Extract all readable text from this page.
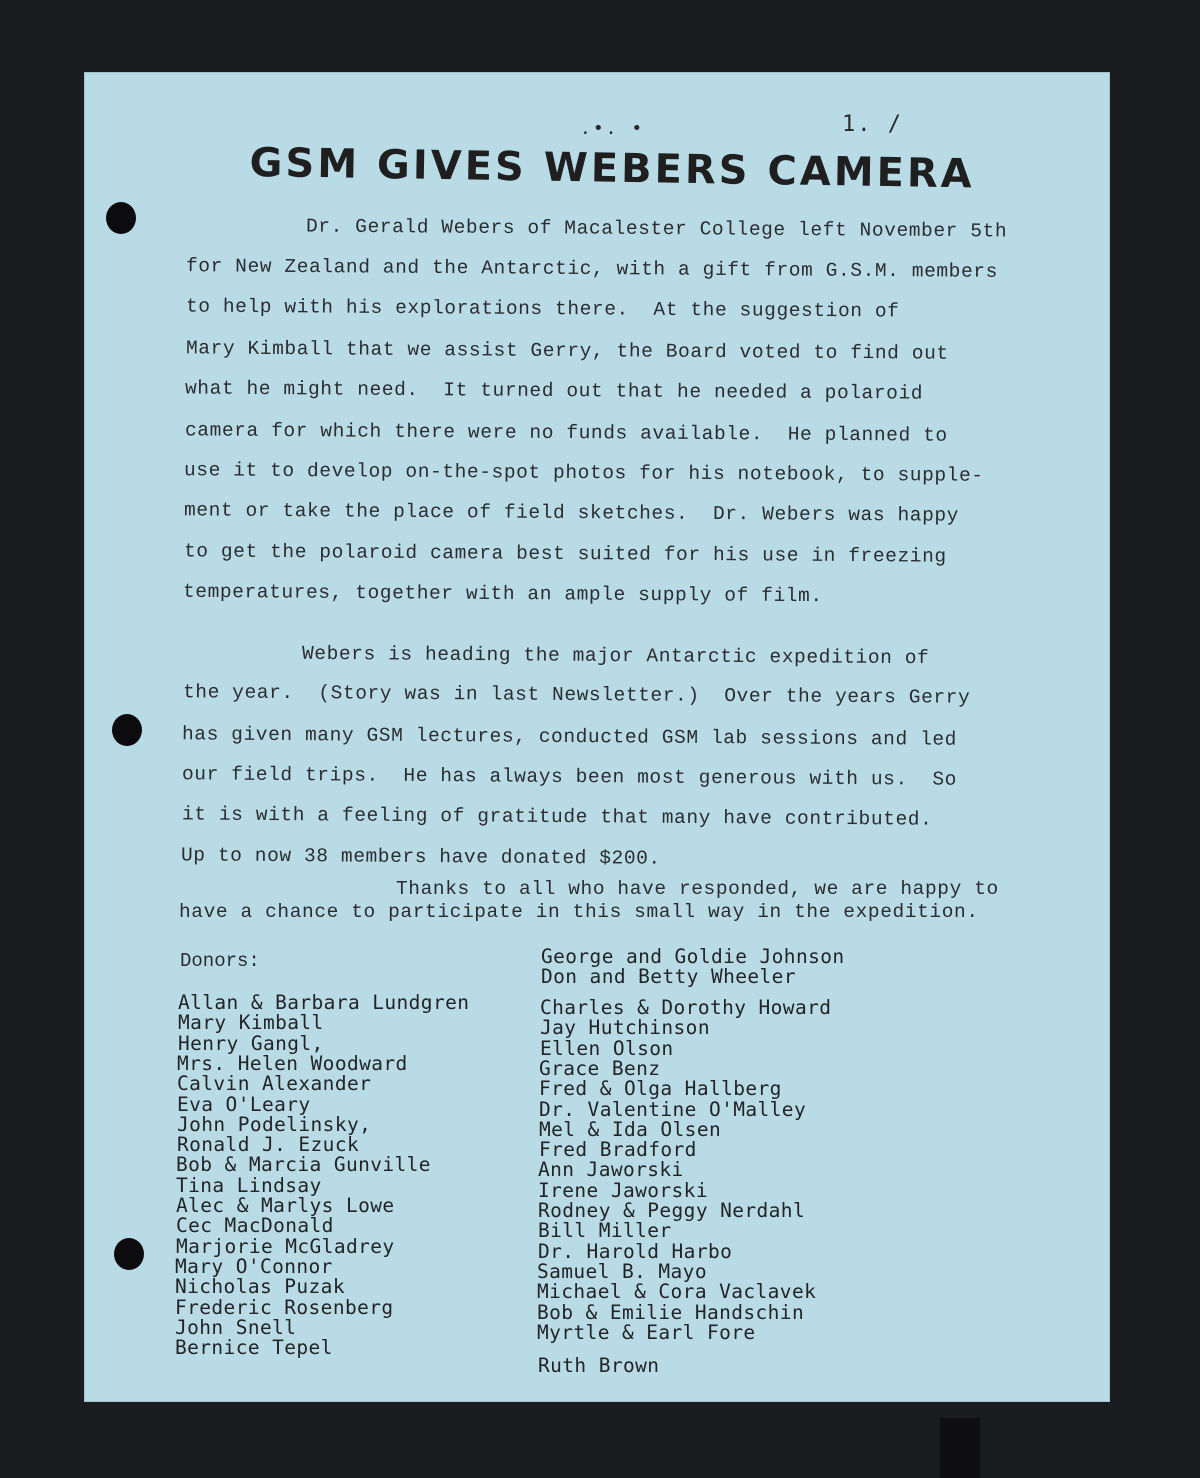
.•. •	1. /
GSM GIVES WEBERS CAMERA
Dr. Gerald Webers of Macalester College left November 5th
for New Zealand and the Antarctic, with a gift from G.S.M. members
to help with his explorations there.  At the suggestion of
Mary Kimball that we assist Gerry, the Board voted to find out
what he might need.  It turned out that he needed a polaroid
camera for which there were no funds available.  He planned to
use it to develop on-the-spot photos for his notebook, to supple-
ment or take the place of field sketches.  Dr. Webers was happy
to get the polaroid camera best suited for his use in freezing
temperatures, together with an ample supply of film.
Webers is heading the major Antarctic expedition of
the year.  (Story was in last Newsletter.)  Over the years Gerry
has given many GSM lectures, conducted GSM lab sessions and led
our field trips.  He has always been most generous with us.  So
it is with a feeling of gratitude that many have contributed.
Up to now 38 members have donated $200.
Thanks to all who have responded, we are happy to
have a chance to participate in this small way in the expedition.
Donors:
Allan & Barbara Lundgren
Mary Kimball
Henry Gangl,
Mrs. Helen Woodward
Calvin Alexander
Eva O'Leary
John Podelinsky,
Ronald J. Ezuck
Bob & Marcia Gunville
Tina Lindsay
Alec & Marlys Lowe
Cec MacDonald
Marjorie McGladrey
Mary O'Connor
Nicholas Puzak
Frederic Rosenberg
John Snell
Bernice Tepel
George and Goldie Johnson
Don and Betty Wheeler
Charles & Dorothy Howard
Jay Hutchinson
Ellen Olson
Grace Benz
Fred & Olga Hallberg
Dr. Valentine O'Malley
Mel & Ida Olsen
Fred Bradford
Ann Jaworski
Irene Jaworski
Rodney & Peggy Nerdahl
Bill Miller
Dr. Harold Harbo
Samuel B. Mayo
Michael & Cora Vaclavek
Bob & Emilie Handschin
Myrtle & Earl Fore
Ruth Brown
